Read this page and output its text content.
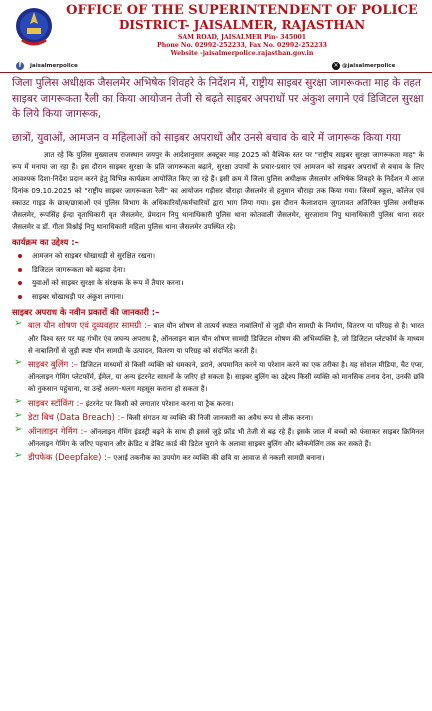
OFFICE OF THE SUPERINTENDENT OF POLICE
DISTRICT- JAISALMER, RAJASTHAN
SAM ROAD, JAISALMER Pin- 345001
Phone No. 02992-252233, Fax No. 02992-252233
Website -jaisalmerpolice.rajasthan.gov.in
f	jaisalmerpolice	✕ @jaisalmerpolice

जिला पुलिस अधीक्षक जैसलमेर अभिषेक शिवहरे के निर्देशन में, राष्ट्रीय साइबर सुरक्षा जागरूकता माह के तहत साइबर जागरूकता रैली का किया आयोजन तेजी से बढ़ते साइबर अपराधों पर अंकुश लगाने एवं डिजिटल सुरक्षा के लिये किया जागरूक,

छात्रों, युवाओं, आमजन व महिलाओं को साइबर अपराधों और उनसे बचाव के बारे में जागरूक किया गया

ज्ञात रहे कि पुलिस मुख्यालय राजस्थान जयपुर के आदेशानुसार अक्टूबर माह 2025 को वैश्विक स्तर पर "राष्ट्रीय साइबर सुरक्षा जागरूकता माह" के रूप में मनाया जा रहा हैं। इस दौरान साइबर सुरक्षा के प्रति जागरूकता बढ़ाने, सुरक्षा उपायों के प्रचार-प्रसार एवं आमजन को साइबर अपराधों से बचाव के लिए आवश्यक दिशा-निर्देश प्रदान करने हेतु विभिन्न कार्यक्रम आयोजित किए जा रहे हैं। इसी क्रम में जिला पुलिस अधीक्षक जैसलमेर अभिषेक शिवहरे के निर्देशन में आज दिनांक 09.10.2025 को "राष्ट्रीय साइबर जागरूकता रैली" का आयोजन गड़ीसर चौराहा जैसलमेर से हनुमान चौराहा तक किया गया। जिसमें स्कूल, कॉलेज एवं स्काउट गाइड के छात्र/छात्राओं एवं पुलिस विभाग के अधिकारियों/कर्मचारियों द्वारा भाग लिया गया। इस दौरान कैलाशदान जुगतावत अतिरिक्त पुलिस अधीक्षक जैसलमेर, रूपसिंह ईन्दा वृताधिकारी वृत जैसलमेर, प्रेमदान निपु थानाधिकारी पुलिस थाना कोतवाली जैसलमेर, सुरजाराम निपु थानाधिकारी पुलिस थाना सदर जैसलमेर व डॉ. गीता विश्नोई निपु थानाधिकारी महिला पुलिस थाना जैसलमेर उपस्थित रहे।

कार्यक्रम का उद्देश्य :–
आमजन को साइबर धोखाधड़ी से सुरक्षित रखना।
डिजिटल जागरूकता को बढ़ावा देना।
युवाओं को साइबर सुरक्षा के संरक्षक के रूप में तैयार करना।
साइबर धोखाधड़ी पर अंकुश लगाना।
साइबर अपराध के नवीन प्रकारों की जानकारी :–
➢ बाल यौन शोषण एवं दुव्यवहार सामग्री :– बाल यौन शोषण से तात्पर्य स्पष्टत नाबालिगों से जुड़ी यौन सामग्री के निर्माण, वितरण या परिग्रह से है। भारत और विश्व स्तर पर यह गंभीर एंव जघन्य अपराध है, ऑनलाइन बाल यौन शोषण सामग्री डिजिटल शोषण की अभिव्यक्ति है, जो डिजिटल प्लेटफॉर्म के माध्यम से नाबालिगों से जुड़ी स्पष्ट यौन सामग्री के उत्पादन, वितरण या परिग्रह को संदर्भित करती है।
➢ साइबर बुलिंग :– डिजिटल माध्यमों से किसी व्यक्ति को धमकाने, डराने, अपमानित करने या परेशान करने का एक तरीका है। यह सोशल मीडिया, चैट एप्स, ऑनलाइन गेमिंग प्लेटफॉर्म, ईमेल, या अन्य इंटरनेट साधनों के जरिए हो सकता है। साइबर बुलिंग का उद्देश्य किसी व्यक्ति को मानसिक तनाव देना, उनकी छवि को नुकसान पहुंचाना, या उन्हें अलग–थलग महसूस कराना हो सकता है।
➢ साइबर स्टॉकिंग :– इंटरनेट पर किसी को लगातार परेशान करना या ट्रैक करना।
➢ डेटा बिच (Data Breach) :– किसी संगठन या व्यक्ति की निजी जानकारी का अवैध रूप से लीक करना।
➢ ऑनलाइन गेमिंग :– ऑनलाइन गेमिंग इंडस्ट्री बढ़ने के साथ ही इससे जुड़े फ्रॉड भी तेजी से बढ़ रहे हैं। इसके जाल में बच्चों को फंसाकर साइबर क्रिमिनल ऑनलाइन गेमिंग के जरिए पहचान और क्रेडिट व डेबिट कार्ड की डिटेल चुराने के अलावा साइबर बुलिंग और ब्लैकमेलिंग तक कर सकते हैं।
➢ डीपफेक (Deepfake) :– एआई तकनीक का उपयोग कर व्यक्ति की छवि या आवाज से नकली सामग्री बनाना।
